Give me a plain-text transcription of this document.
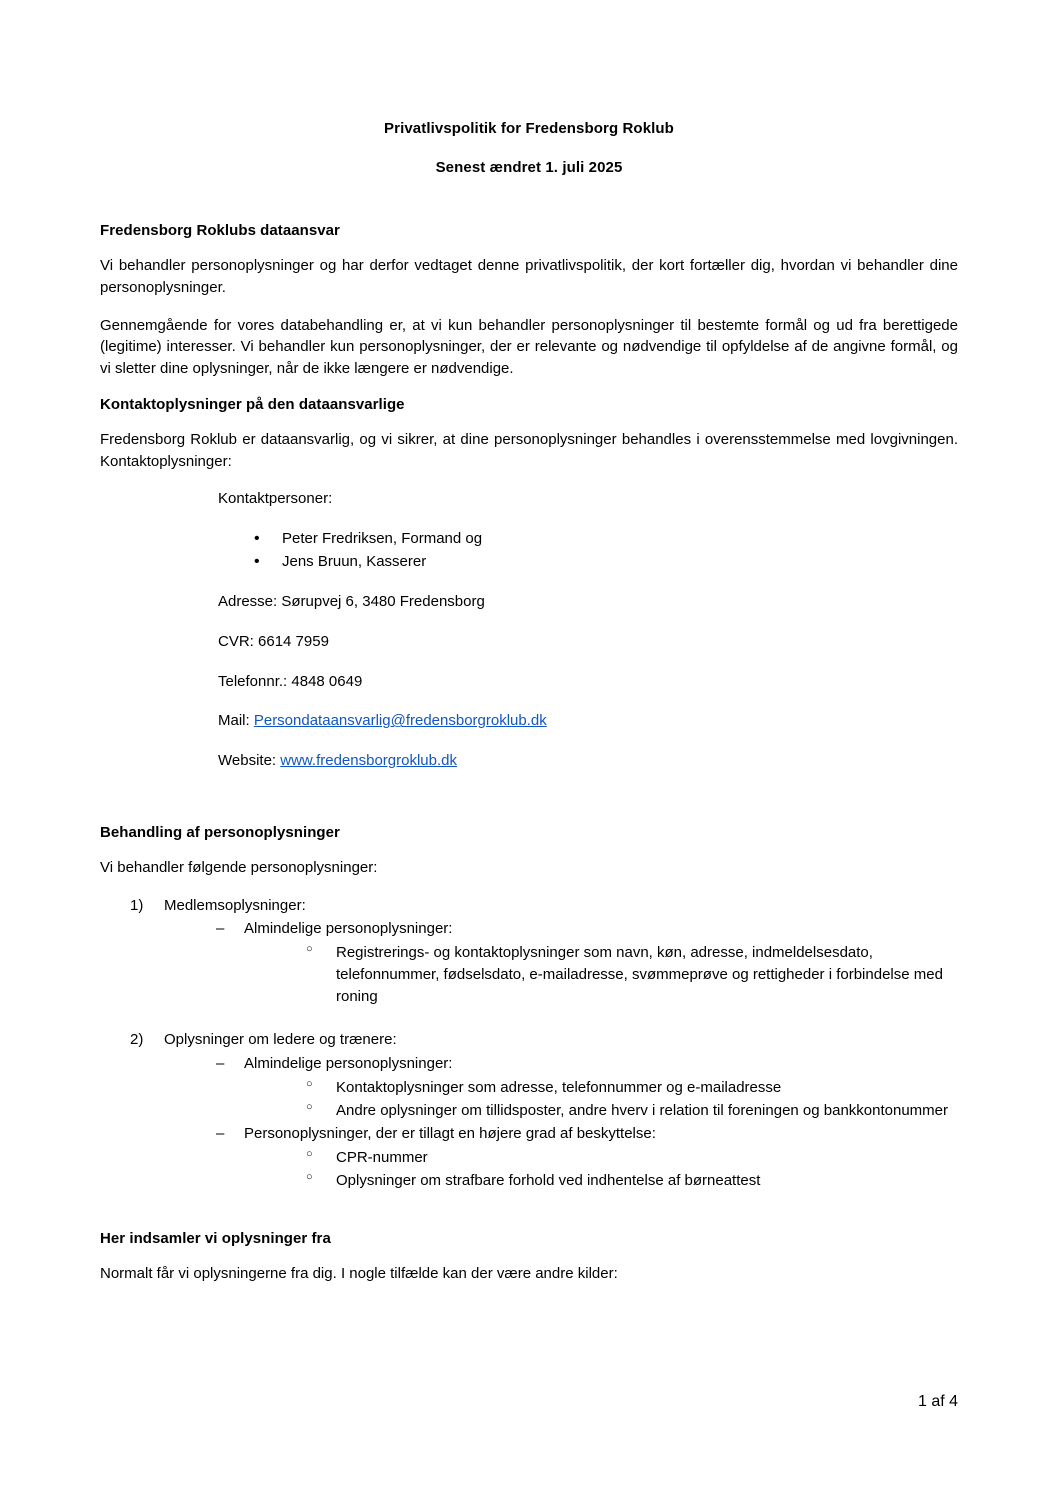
Privatlivspolitik for Fredensborg Roklub
Senest ændret 1. juli 2025
Fredensborg Roklubs dataansvar

Vi behandler personoplysninger og har derfor vedtaget denne privatlivspolitik, der kort fortæller dig, hvordan vi behandler dine personoplysninger.

Gennemgående for vores databehandling er, at vi kun behandler personoplysninger til bestemte formål og ud fra berettigede (legitime) interesser. Vi behandler kun personoplysninger, der er relevante og nødvendige til opfyldelse af de angivne formål, og vi sletter dine oplysninger, når de ikke længere er nødvendige.

Kontaktoplysninger på den dataansvarlige

Fredensborg Roklub er dataansvarlig, og vi sikrer, at dine personoplysninger behandles i overensstemmelse med lovgivningen. Kontaktoplysninger:

Kontaktpersoner:

• Peter Fredriksen, Formand og
• Jens Bruun, Kasserer

Adresse: Sørupvej 6, 3480 Fredensborg

CVR: 6614 7959

Telefonnr.: 4848 0649

Mail: Persondataansvarlig@fredensborgroklub.dk

Website: www.fredensborgroklub.dk

Behandling af personoplysninger

Vi behandler følgende personoplysninger:

1) Medlemsoplysninger:
– Almindelige personoplysninger:
○ Registrerings- og kontaktoplysninger som navn, køn, adresse, indmeldelsesdato, telefonnummer, fødselsdato, e-mailadresse, svømmeprøve og rettigheder i forbindelse med roning
2) Oplysninger om ledere og trænere:
– Almindelige personoplysninger:
○ Kontaktoplysninger som adresse, telefonnummer og e-mailadresse
○ Andre oplysninger om tillidsposter, andre hverv i relation til foreningen og bankkontonummer
– Personoplysninger, der er tillagt en højere grad af beskyttelse:
○ CPR-nummer
○ Oplysninger om strafbare forhold ved indhentelse af børneattest
Her indsamler vi oplysninger fra

Normalt får vi oplysningerne fra dig. I nogle tilfælde kan der være andre kilder:

1 af 4
